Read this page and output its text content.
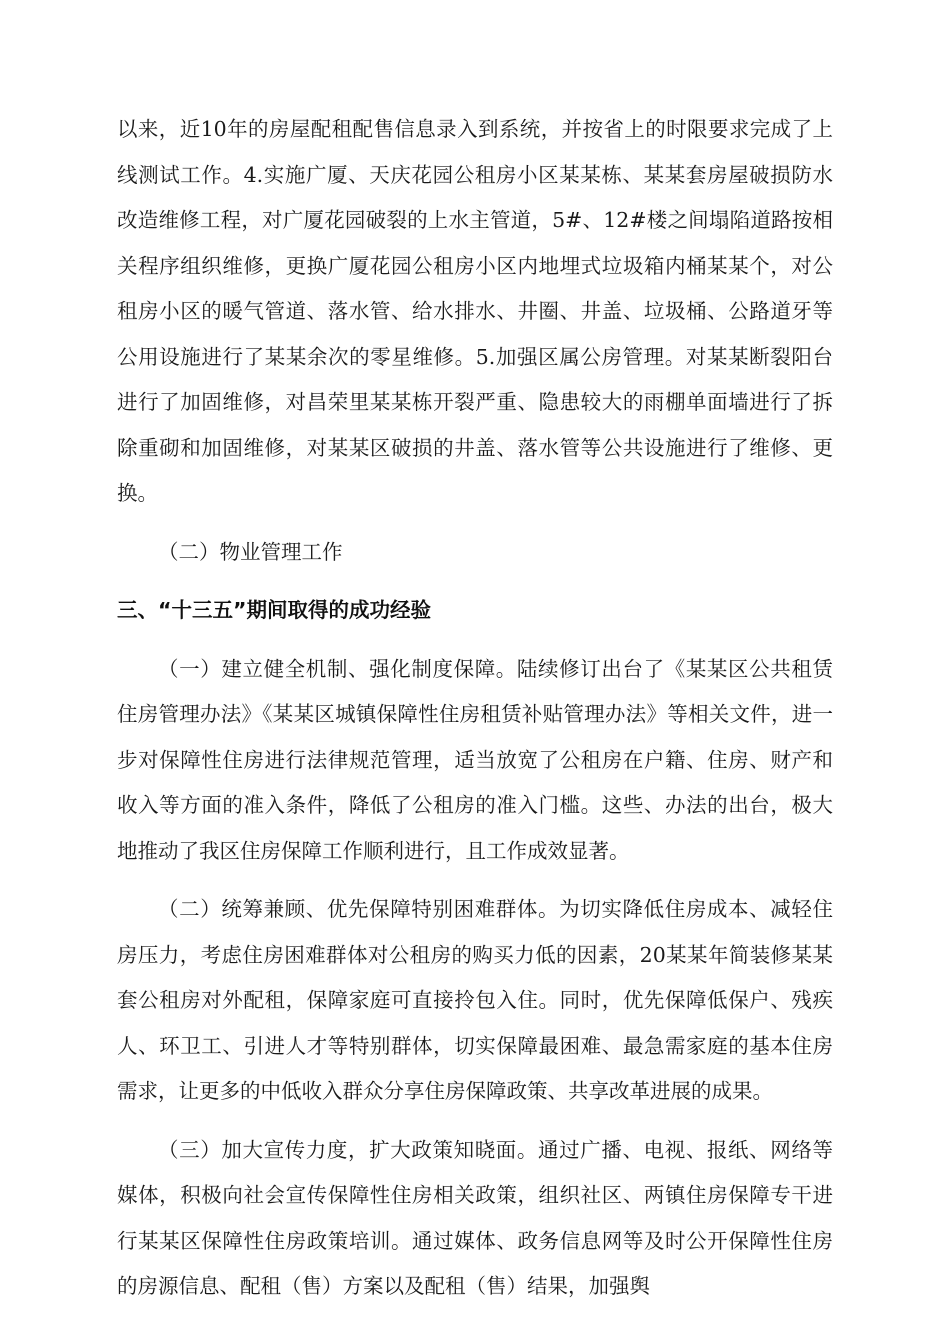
以来，近10年的房屋配租配售信息录入到系统，并按省上的时限要求完成了上线测试工作。4.实施广厦、天庆花园公租房小区某某栋、某某套房屋破损防水改造维修工程，对广厦花园破裂的上水主管道，5#、12#楼之间塌陷道路按相关程序组织维修，更换广厦花园公租房小区内地埋式垃圾箱内桶某某个，对公租房小区的暖气管道、落水管、给水排水、井圈、井盖、垃圾桶、公路道牙等公用设施进行了某某余次的零星维修。5.加强区属公房管理。对某某断裂阳台进行了加固维修，对昌荣里某某栋开裂严重、隐患较大的雨棚单面墙进行了拆除重砌和加固维修，对某某区破损的井盖、落水管等公共设施进行了维修、更换。

（二）物业管理工作

三、“十三五”期间取得的成功经验

（一）建立健全机制、强化制度保障。陆续修订出台了《某某区公共租赁住房管理办法》《某某区城镇保障性住房租赁补贴管理办法》等相关文件，进一步对保障性住房进行法律规范管理，适当放宽了公租房在户籍、住房、财产和收入等方面的准入条件，降低了公租房的准入门槛。这些、办法的出台，极大地推动了我区住房保障工作顺利进行，且工作成效显著。

（二）统筹兼顾、优先保障特别困难群体。为切实降低住房成本、减轻住房压力，考虑住房困难群体对公租房的购买力低的因素，20某某年简装修某某套公租房对外配租，保障家庭可直接拎包入住。同时，优先保障低保户、残疾人、环卫工、引进人才等特别群体，切实保障最困难、最急需家庭的基本住房需求，让更多的中低收入群众分享住房保障政策、共享改革进展的成果。

（三）加大宣传力度，扩大政策知晓面。通过广播、电视、报纸、网络等媒体，积极向社会宣传保障性住房相关政策，组织社区、两镇住房保障专干进行某某区保障性住房政策培训。通过媒体、政务信息网等及时公开保障性住房的房源信息、配租（售）方案以及配租（售）结果，加强舆
